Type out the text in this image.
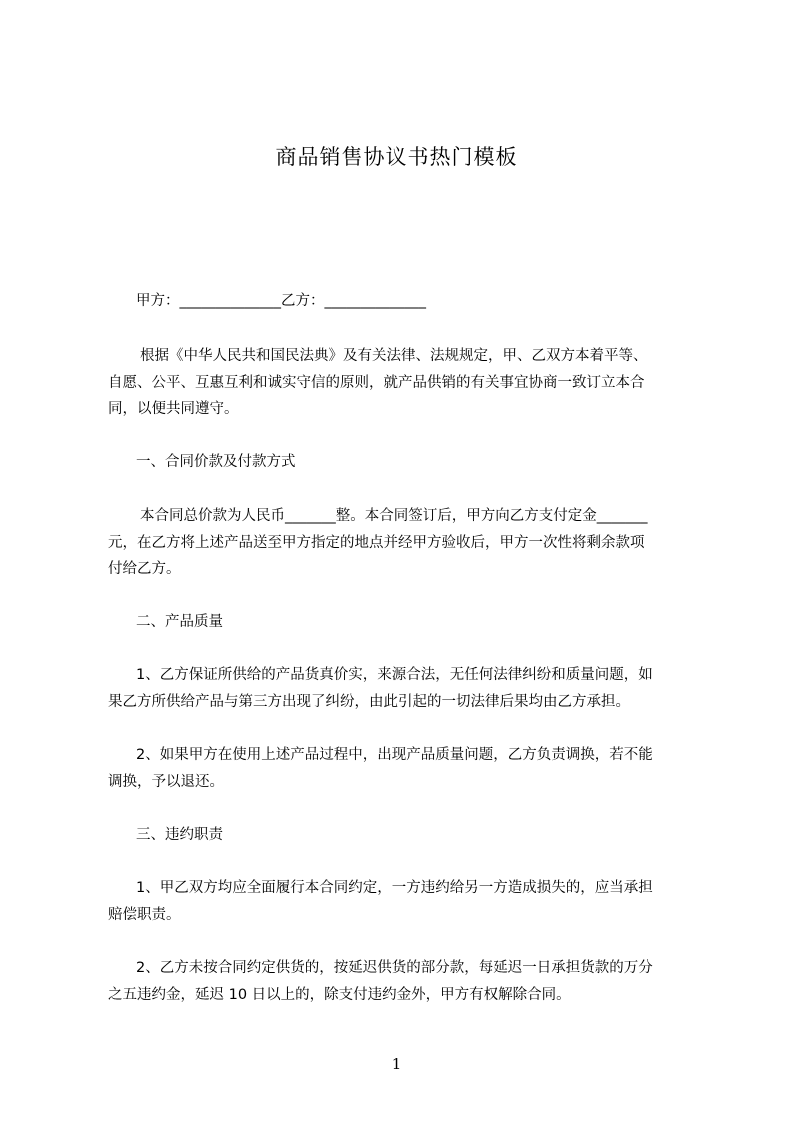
商品销售协议书热门模板
甲方：______________乙方：______________
根据《中华人民共和国民法典》及有关法律、法规规定，甲、乙双方本着平等、
自愿、公平、互惠互利和诚实守信的原则，就产品供销的有关事宜协商一致订立本合
同，以便共同遵守。
一、合同价款及付款方式
本合同总价款为人民币_______整。本合同签订后，甲方向乙方支付定金_______
元，在乙方将上述产品送至甲方指定的地点并经甲方验收后，甲方一次性将剩余款项
付给乙方。
二、产品质量
1、乙方保证所供给的产品货真价实，来源合法，无任何法律纠纷和质量问题，如
果乙方所供给产品与第三方出现了纠纷，由此引起的一切法律后果均由乙方承担。
2、如果甲方在使用上述产品过程中，出现产品质量问题，乙方负责调换，若不能
调换，予以退还。
三、违约职责
1、甲乙双方均应全面履行本合同约定，一方违约给另一方造成损失的，应当承担
赔偿职责。
2、乙方未按合同约定供货的，按延迟供货的部分款，每延迟一日承担货款的万分
之五违约金，延迟 10 日以上的，除支付违约金外，甲方有权解除合同。
1
